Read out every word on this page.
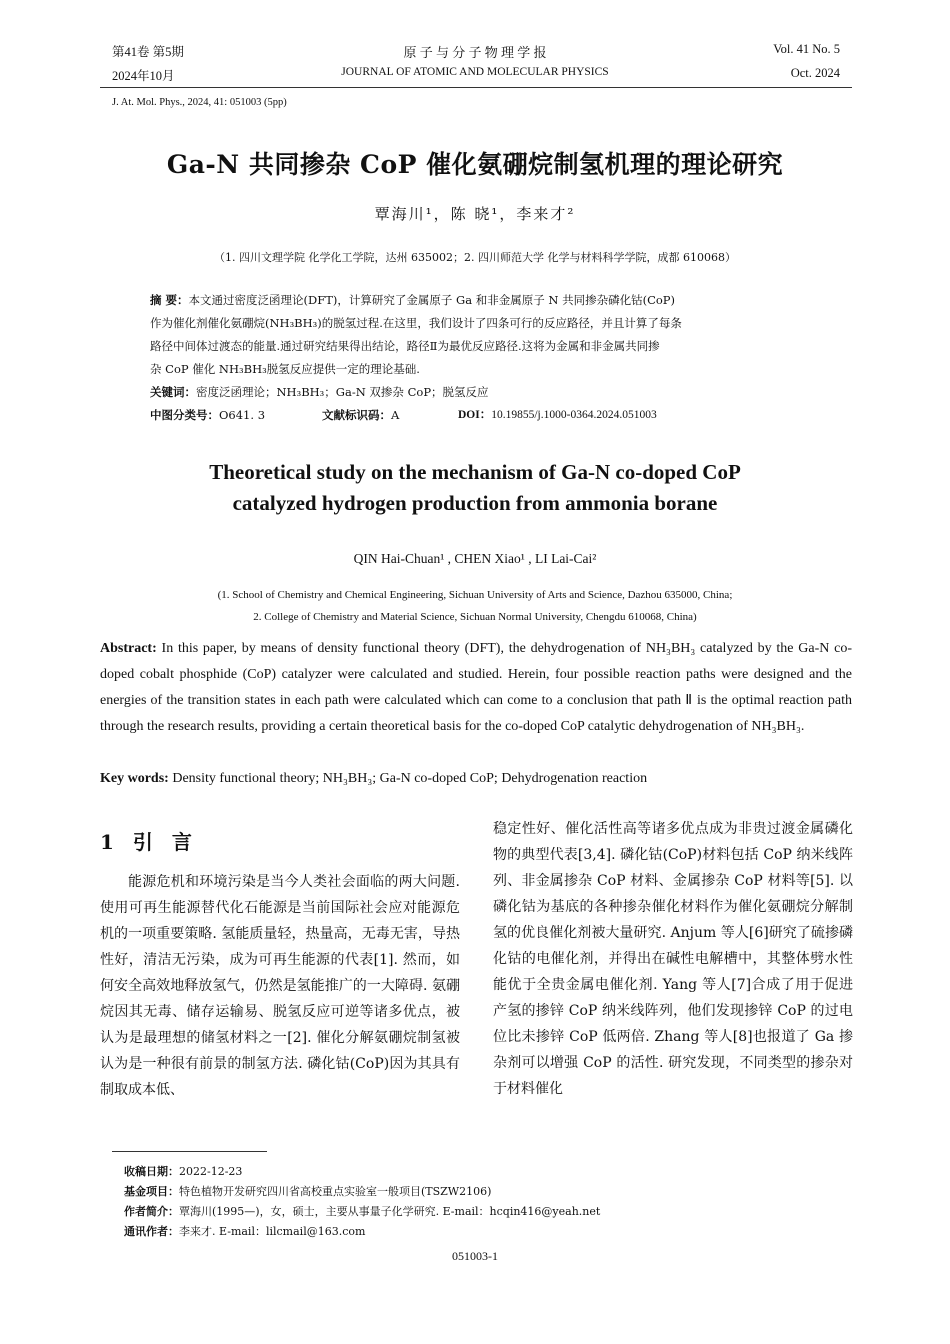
第41卷 第5期
2024年10月
原 子 与 分 子 物 理 学 报
JOURNAL OF ATOMIC AND MOLECULAR PHYSICS
Vol. 41 No. 5
Oct. 2024
J. At. Mol. Phys., 2024, 41: 051003 (5pp)
Ga-N 共同掺杂 CoP 催化氨硼烷制氢机理的理论研究
覃海川¹，陈 晓¹，李来才²
（1. 四川文理学院 化学化工学院，达州 635002；2. 四川师范大学 化学与材料科学学院，成都 610068）
摘 要：本文通过密度泛函理论(DFT)，计算研究了金属原子 Ga 和非金属原子 N 共同掺杂磷化钴(CoP)
作为催化剂催化氨硼烷(NH₃BH₃)的脱氢过程.在这里，我们设计了四条可行的反应路径，并且计算了每条
路径中间体过渡态的能量.通过研究结果得出结论，路径Ⅱ为最优反应路径.这将为金属和非金属共同掺
杂 CoP 催化 NH₃BH₃脱氢反应提供一定的理论基础.
关键词：密度泛函理论；NH₃BH₃；Ga-N 双掺杂 CoP；脱氢反应
中图分类号：O641. 3	文献标识码：A	DOI：10.19855/j.1000-0364.2024.051003
Theoretical study on the mechanism of Ga-N co-doped CoP
catalyzed hydrogen production from ammonia borane
QIN Hai-Chuan¹ , CHEN Xiao¹ , LI Lai-Cai²
(1. School of Chemistry and Chemical Engineering, Sichuan University of Arts and Science, Dazhou 635000, China;
2. College of Chemistry and Material Science, Sichuan Normal University, Chengdu 610068, China)
Abstract: In this paper, by means of density functional theory (DFT), the dehydrogenation of NH₃BH₃ catalyzed by the Ga-N co-doped cobalt phosphide (CoP) catalyzer were calculated and studied. Herein, four possible reaction paths were designed and the energies of the transition states in each path were calculated which can come to a conclusion that path Ⅱ is the optimal reaction path through the research results, providing a certain theoretical basis for the co-doped CoP catalytic dehydrogenation of NH₃BH₃.
Key words: Density functional theory; NH₃BH₃; Ga-N co-doped CoP; Dehydrogenation reaction
1 引 言

能源危机和环境污染是当今人类社会面临的两大问题. 使用可再生能源替代化石能源是当前国际社会应对能源危机的一项重要策略. 氢能质量轻，热量高，无毒无害，导热性好，清洁无污染，成为可再生能源的代表[1]. 然而，如何安全高效地释放氢气，仍然是氢能推广的一大障碍. 氨硼烷因其无毒、储存运输易、脱氢反应可逆等诸多优点，被认为是最理想的储氢材料之一[2]. 催化分解氨硼烷制氢被认为是一种很有前景的制氢方法. 磷化钴(CoP)因为其具有制取成本低、

稳定性好、催化活性高等诸多优点成为非贵过渡金属磷化物的典型代表[3,4]. 磷化钴(CoP)材料包括 CoP 纳米线阵列、非金属掺杂 CoP 材料、金属掺杂 CoP 材料等[5]. 以磷化钴为基底的各种掺杂催化材料作为催化氨硼烷分解制氢的优良催化剂被大量研究. Anjum 等人[6]研究了硫掺磷化钴的电催化剂，并得出在碱性电解槽中，其整体劈水性能优于全贵金属电催化剂. Yang 等人[7]合成了用于促进产氢的掺锌 CoP 纳米线阵列，他们发现掺锌 CoP 的过电位比未掺锌 CoP 低两倍. Zhang 等人[8]也报道了 Ga 掺杂剂可以增强 CoP 的活性. 研究发现，不同类型的掺杂对于材料催化

收稿日期：2022-12-23
基金项目：特色植物开发研究四川省高校重点实验室一般项目(TSZW2106)
作者简介：覃海川(1995—)，女，硕士，主要从事量子化学研究. E-mail：hcqin416@yeah.net
通讯作者：李来才. E-mail：lilcmail@163.com
051003-1
